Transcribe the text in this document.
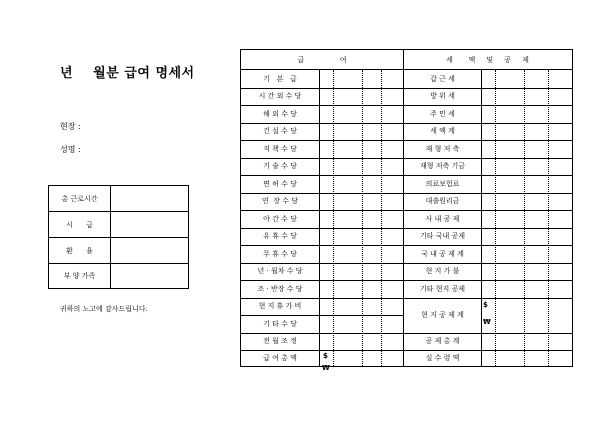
년    월분 급여 명세서
현장 :
성명 :
총 근로시간
시      급
환      율
부 양 가족
귀하의 노고에 감사드립니다.
급                여	세       액     및     공     제
기   본   급
시 간 외 수 당
해 외 수 당
건 설 수 당
직 책 수 당
기 술 수 당
면 허 수 당
연  장 수 당
야 간 수 당
유 휴 수 당
무 휴 수 당
년 · 월차 수 당
조 · 반장 수 당
현 지 휴 가 비
기 타 수 당
전 월 조 정
급 여 총 액	$
₩
갑 근 세
방 위 세
주 민 세
세 액 계
재 형 저 축
재형 저축 기금
의료보험료
대출원리금
사 내 공 제
기타 국내 공제
국 내 공 제 계
현 지 가 불
기타 현지 공제
현 지 공 제 계
$
₩
공 제 총 계
실 수 령 액
